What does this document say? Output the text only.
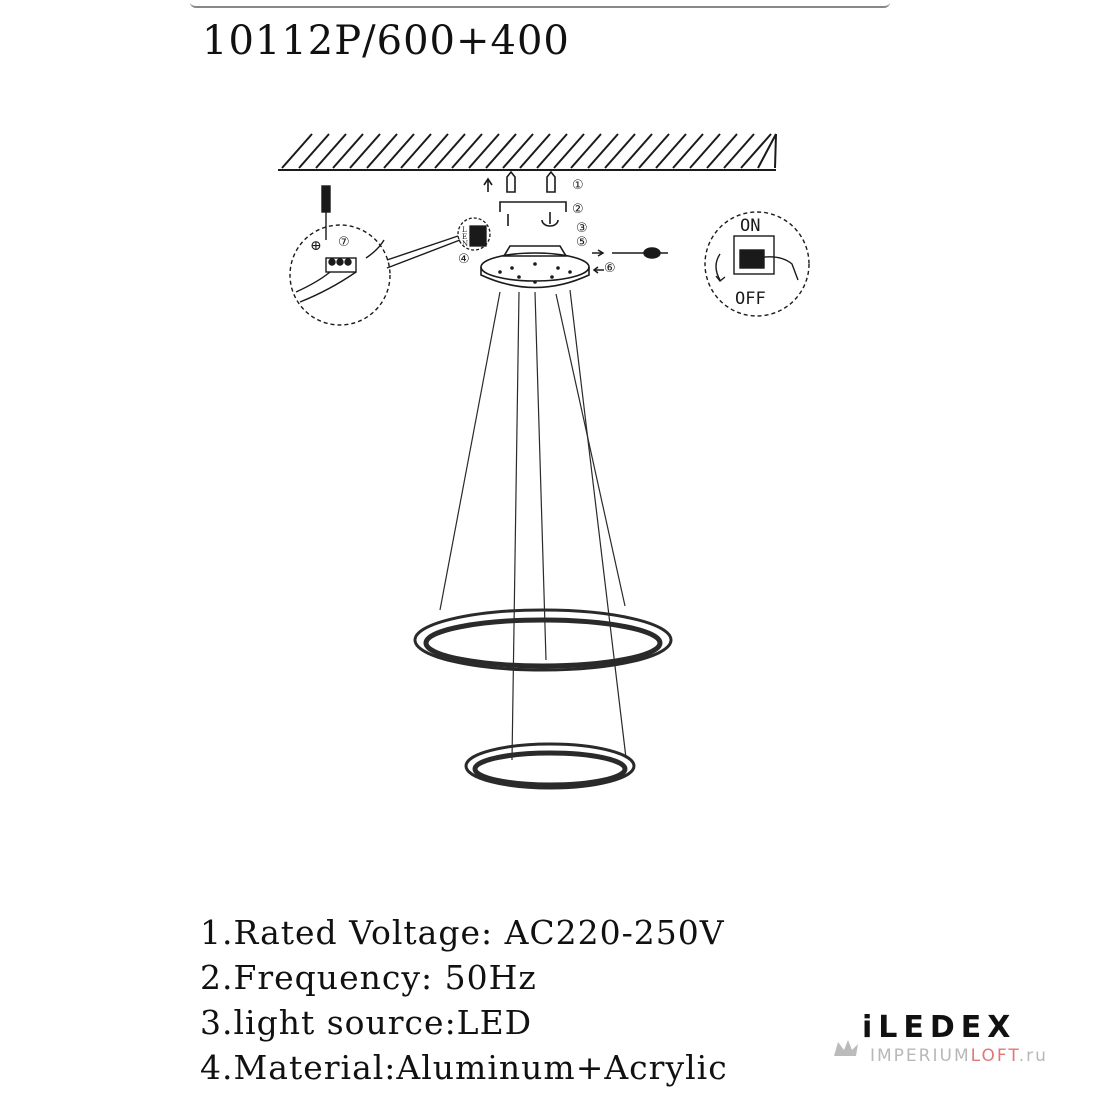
10112P/600+400
①
②
③
④
⑤
⑥
⑦
L
E
N
⊕
ON
OFF
1.Rated Voltage: AC220-250V
2.Frequency: 50Hz
3.light source:LED
4.Material:Aluminum+Acrylic
iLEDEX
IMPERIUMLOFT.ru
